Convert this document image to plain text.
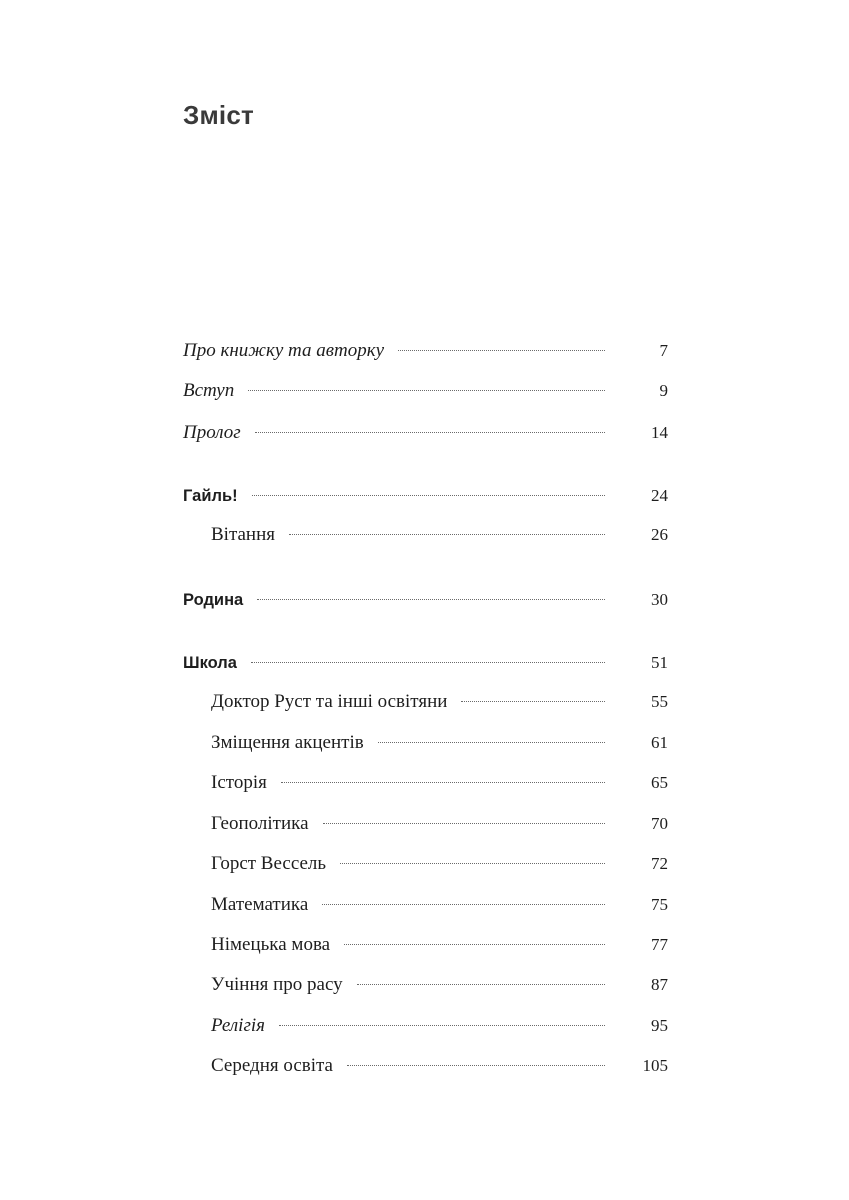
Зміст
Про книжку та авторку	7
Вступ	9
Пролог	14
Гайль!	24
Вітання	26
Родина	30
Школа	51
Доктор Руст та інші освітяни	55
Зміщення акцентів	61
Історія	65
Геополітика	70
Горст Вессель	72
Математика	75
Німецька мова	77
Учіння про расу	87
Релігія	95
Середня освіта	105
